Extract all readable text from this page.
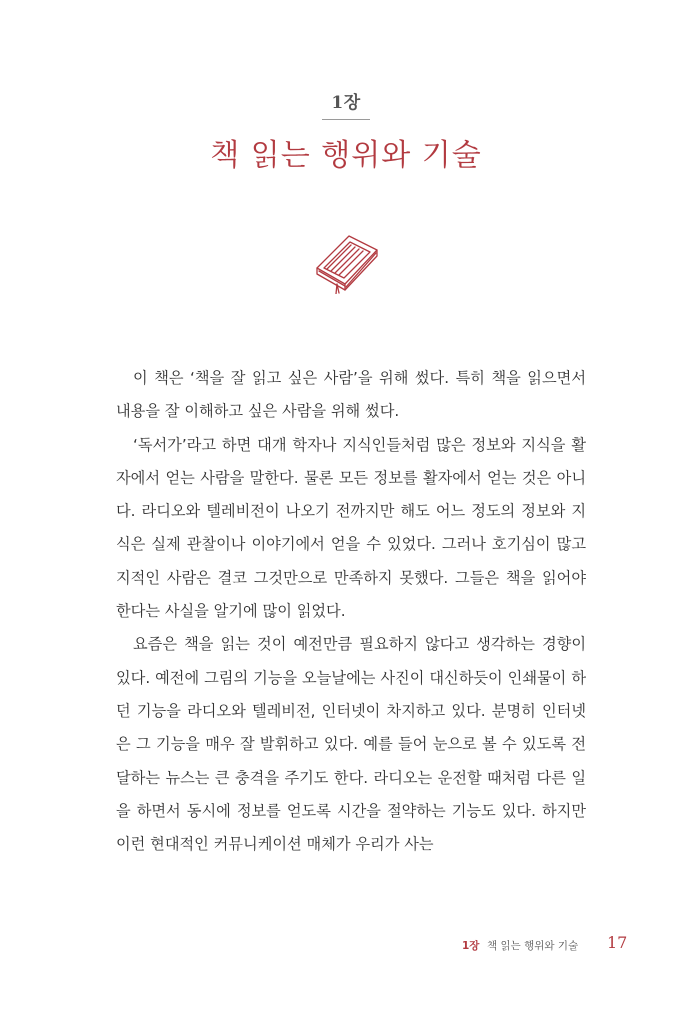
1장
책 읽는 행위와 기술

이 책은 ‘책을 잘 읽고 싶은 사람’을 위해 썼다. 특히 책을 읽으면서 내용을 잘 이해하고 싶은 사람을 위해 썼다.

‘독서가’라고 하면 대개 학자나 지식인들처럼 많은 정보와 지식을 활자에서 얻는 사람을 말한다. 물론 모든 정보를 활자에서 얻는 것은 아니다. 라디오와 텔레비전이 나오기 전까지만 해도 어느 정도의 정보와 지식은 실제 관찰이나 이야기에서 얻을 수 있었다. 그러나 호기심이 많고 지적인 사람은 결코 그것만으로 만족하지 못했다. 그들은 책을 읽어야 한다는 사실을 알기에 많이 읽었다.

요즘은 책을 읽는 것이 예전만큼 필요하지 않다고 생각하는 경향이 있다. 예전에 그림의 기능을 오늘날에는 사진이 대신하듯이 인쇄물이 하던 기능을 라디오와 텔레비전, 인터넷이 차지하고 있다. 분명히 인터넷은 그 기능을 매우 잘 발휘하고 있다. 예를 들어 눈으로 볼 수 있도록 전달하는 뉴스는 큰 충격을 주기도 한다. 라디오는 운전할 때처럼 다른 일을 하면서 동시에 정보를 얻도록 시간을 절약하는 기능도 있다. 하지만 이런 현대적인 커뮤니케이션 매체가 우리가 사는

1장 책 읽는 행위와 기술 17
